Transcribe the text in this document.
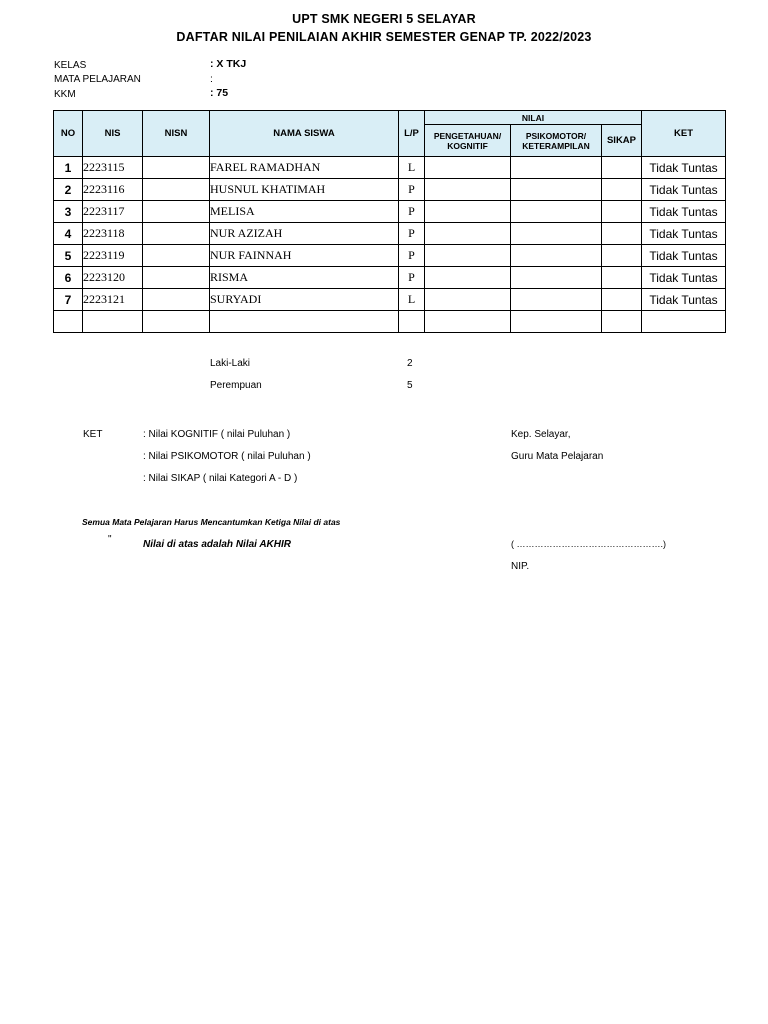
UPT SMK NEGERI 5 SELAYAR
DAFTAR NILAI PENILAIAN AKHIR SEMESTER GENAP TP. 2022/2023
KELAS	: X TKJ
MATA PELAJARAN	:
KKM	: 75
NO	NIS	NISN	NAMA SISWA	L/P	NILAI			KET
					PENGETAHUAN/ KOGNITIF	PSIKOMOTOR/ KETERAMPILAN	SIKAP	
1	2223115		FAREL RAMADHAN	L				Tidak Tuntas
2	2223116		HUSNUL KHATIMAH	P				Tidak Tuntas
3	2223117		MELISA	P				Tidak Tuntas
4	2223118		NUR AZIZAH	P				Tidak Tuntas
5	2223119		NUR FAINNAH	P				Tidak Tuntas
6	2223120		RISMA	P				Tidak Tuntas
7	2223121		SURYADI	L				Tidak Tuntas

Laki-Laki	2
Perempuan	5
KET	: Nilai KOGNITIF ( nilai Puluhan )
: Nilai PSIKOMOTOR ( nilai Puluhan )
: Nilai SIKAP ( nilai Kategori A - D )
Semua Mata Pelajaran Harus Mencantumkan Ketiga Nilai di atas
"	Nilai di atas adalah Nilai AKHIR
Kep. Selayar,
Guru Mata Pelajaran
( ………………………………………….)
NIP.
